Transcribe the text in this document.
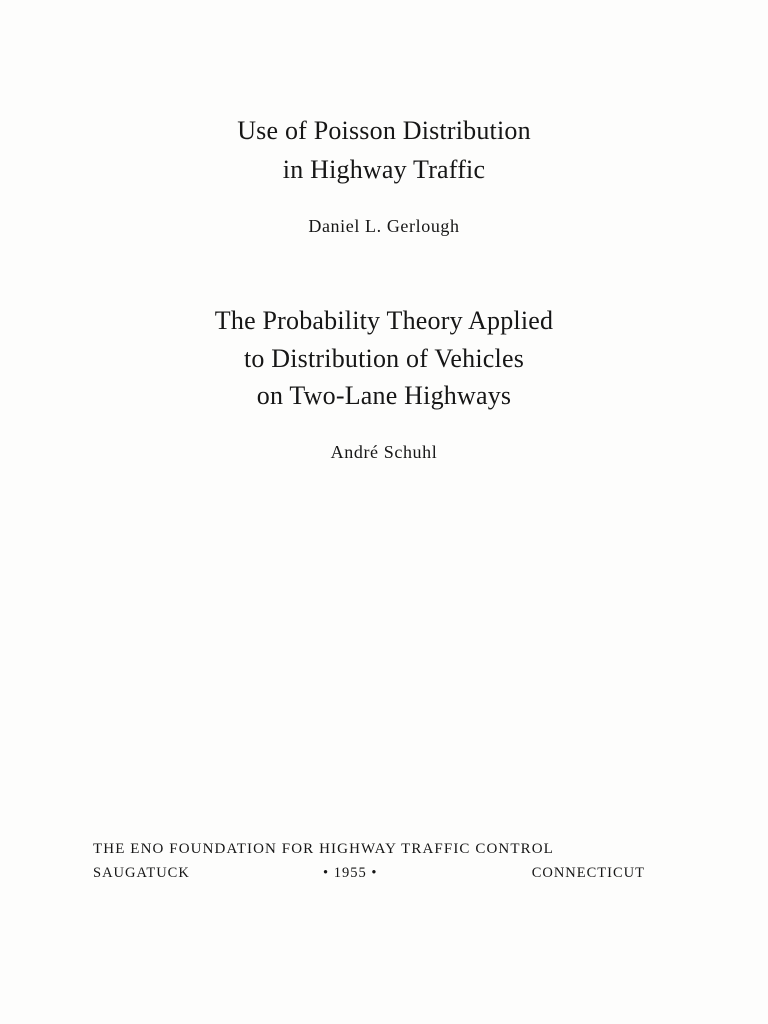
Use of Poisson Distribution
in Highway Traffic
Daniel L. Gerlough
The Probability Theory Applied
to Distribution of Vehicles
on Two-Lane Highways
André Schuhl
THE ENO FOUNDATION FOR HIGHWAY TRAFFIC CONTROL
SAUGATUCK	• 1955 •	CONNECTICUT
